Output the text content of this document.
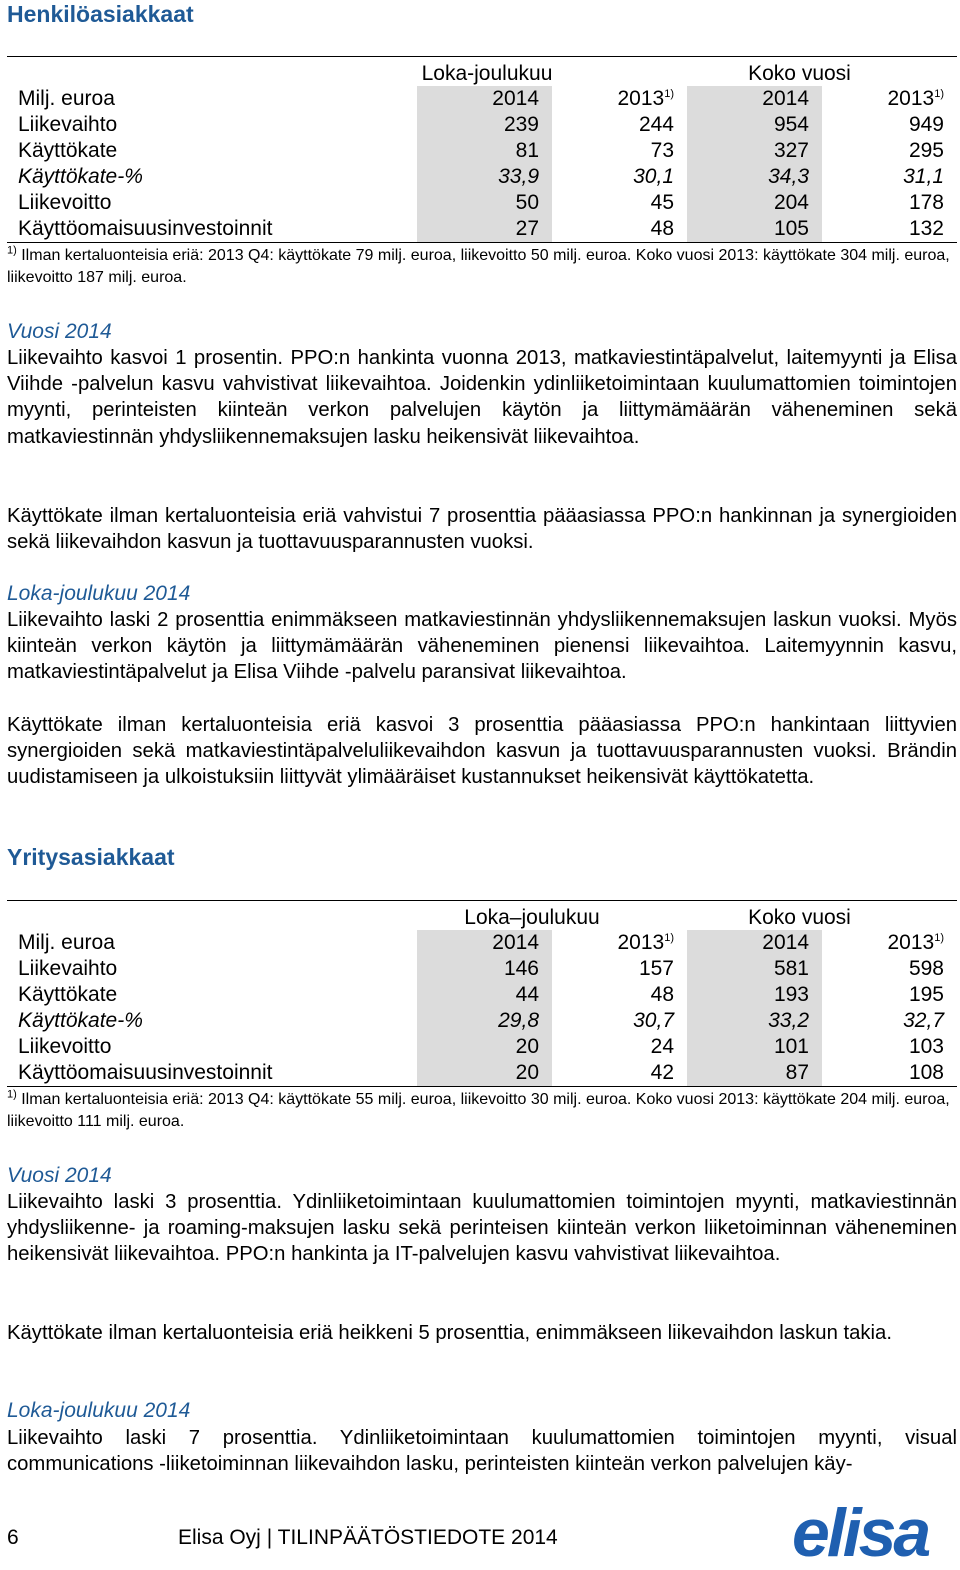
Henkilöasiakkaat
	Loka-joulukuu		Koko vuosi	
Milj. euroa	2014	2013$^{1)}$	2014	2013$^{1)}$
Liikevaihto	239	244	954	949
Käyttökate	81	73	327	295
Käyttökate-%	33,9	30,1	34,3	31,1
Liikevoitto	50	45	204	178
Käyttöomaisuusinvestoinnit	27	48	105	132

$^{1)}$ Ilman kertaluonteisia eriä: 2013 Q4: käyttökate 79 milj. euroa, liikevoitto 50 milj. euroa. Koko vuosi 2013: käyttökate 304 milj. euroa, liikevoitto 187 milj. euroa.

Vuosi 2014

Liikevaihto kasvoi 1 prosentin. PPO:n hankinta vuonna 2013, matkaviestintäpalvelut, laitemyynti ja Elisa Viihde -palvelun kasvu vahvistivat liikevaihtoa. Joidenkin ydinliiketoimintaan kuulumattomien toimintojen myynti, perinteisten kiinteän verkon palvelujen käytön ja liittymämäärän väheneminen sekä matkaviestinnän yhdysliikennemaksujen lasku heikensivät liikevaihtoa.

Käyttökate ilman kertaluonteisia eriä vahvistui 7 prosenttia pääasiassa PPO:n hankinnan ja synergioiden sekä liikevaihdon kasvun ja tuottavuusparannusten vuoksi.

Loka-joulukuu 2014

Liikevaihto laski 2 prosenttia enimmäkseen matkaviestinnän yhdysliikennemaksujen laskun vuoksi. Myös kiinteän verkon käytön ja liittymämäärän väheneminen pienensi liikevaihtoa. Laitemyynnin kasvu, matkaviestintäpalvelut ja Elisa Viihde -palvelu paransivat liikevaihtoa.

Käyttökate ilman kertaluonteisia eriä kasvoi 3 prosenttia pääasiassa PPO:n hankintaan liittyvien synergioiden sekä matkaviestintäpalveluliikevaihdon kasvun ja tuottavuusparannusten vuoksi. Brändin uudistamiseen ja ulkoistuksiin liittyvät ylimääräiset kustannukset heikensivät käyttökatetta.

Yritysasiakkaat
	Loka–joulukuu		Koko vuosi	
Milj. euroa	2014	2013$^{1)}$	2014	2013$^{1)}$
Liikevaihto	146	157	581	598
Käyttökate	44	48	193	195
Käyttökate-%	29,8	30,7	33,2	32,7
Liikevoitto	20	24	101	103
Käyttöomaisuusinvestoinnit	20	42	87	108

$^{1)}$ Ilman kertaluonteisia eriä: 2013 Q4: käyttökate 55 milj. euroa, liikevoitto 30 milj. euroa. Koko vuosi 2013: käyttökate 204 milj. euroa, liikevoitto 111 milj. euroa.

Vuosi 2014

Liikevaihto laski 3 prosenttia. Ydinliiketoimintaan kuulumattomien toimintojen myynti, matkaviestinnän yhdysliikenne- ja roaming-maksujen lasku sekä perinteisen kiinteän verkon liiketoiminnan väheneminen heikensivät liikevaihtoa. PPO:n hankinta ja IT-palvelujen kasvu vahvistivat liikevaihtoa.

Käyttökate ilman kertaluonteisia eriä heikkeni 5 prosenttia, enimmäkseen liikevaihdon laskun takia.

Loka-joulukuu 2014

Liikevaihto laski 7 prosenttia. Ydinliiketoimintaan kuulumattomien toimintojen myynti, visual communications -liiketoiminnan liikevaihdon lasku, perinteisten kiinteän verkon palvelujen käy-

6	Elisa Oyj | TILINPÄÄTÖSTIEDOTE 2014	elisa
